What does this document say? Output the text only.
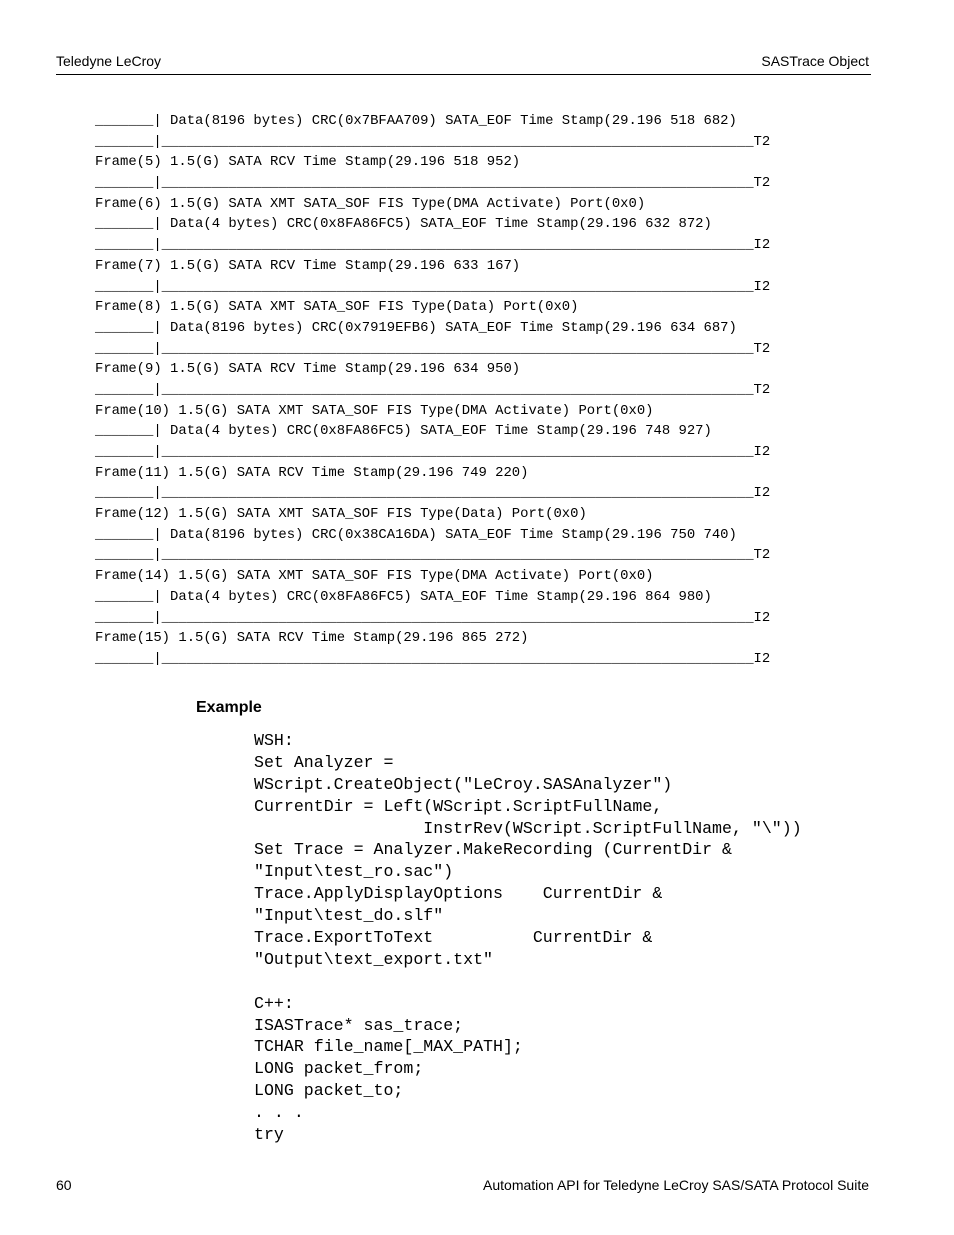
Teledyne LeCroy	SASTrace Object
_______| Data(8196 bytes) CRC(0x7BFAA709) SATA_EOF Time Stamp(29.196 518 682)
_______|_______________________________________________________________________T2
Frame(5) 1.5(G) SATA RCV Time Stamp(29.196 518 952)
_______|_______________________________________________________________________T2
Frame(6) 1.5(G) SATA XMT SATA_SOF FIS Type(DMA Activate) Port(0x0)
_______| Data(4 bytes) CRC(0x8FA86FC5) SATA_EOF Time Stamp(29.196 632 872)
_______|_______________________________________________________________________I2
Frame(7) 1.5(G) SATA RCV Time Stamp(29.196 633 167)
_______|_______________________________________________________________________I2
Frame(8) 1.5(G) SATA XMT SATA_SOF FIS Type(Data) Port(0x0)
_______| Data(8196 bytes) CRC(0x7919EFB6) SATA_EOF Time Stamp(29.196 634 687)
_______|_______________________________________________________________________T2
Frame(9) 1.5(G) SATA RCV Time Stamp(29.196 634 950)
_______|_______________________________________________________________________T2
Frame(10) 1.5(G) SATA XMT SATA_SOF FIS Type(DMA Activate) Port(0x0)
_______| Data(4 bytes) CRC(0x8FA86FC5) SATA_EOF Time Stamp(29.196 748 927)
_______|_______________________________________________________________________I2
Frame(11) 1.5(G) SATA RCV Time Stamp(29.196 749 220)
_______|_______________________________________________________________________I2
Frame(12) 1.5(G) SATA XMT SATA_SOF FIS Type(Data) Port(0x0)
_______| Data(8196 bytes) CRC(0x38CA16DA) SATA_EOF Time Stamp(29.196 750 740)
_______|_______________________________________________________________________T2
Frame(14) 1.5(G) SATA XMT SATA_SOF FIS Type(DMA Activate) Port(0x0)
_______| Data(4 bytes) CRC(0x8FA86FC5) SATA_EOF Time Stamp(29.196 864 980)
_______|_______________________________________________________________________I2
Frame(15) 1.5(G) SATA RCV Time Stamp(29.196 865 272)
_______|_______________________________________________________________________I2
Example
WSH:
Set Analyzer =
WScript.CreateObject("LeCroy.SASAnalyzer")
CurrentDir = Left(WScript.ScriptFullName,
InstrRev(WScript.ScriptFullName, "\"))
Set Trace = Analyzer.MakeRecording (CurrentDir &
"Input\test_ro.sac")
Trace.ApplyDisplayOptions    CurrentDir &
"Input\test_do.slf"
Trace.ExportToText          CurrentDir &
"Output\text_export.txt"
C++:
ISASTrace* sas_trace;
TCHAR file_name[_MAX_PATH];
LONG packet_from;
LONG packet_to;
. . .
try
60	Automation API for Teledyne LeCroy SAS/SATA Protocol Suite
